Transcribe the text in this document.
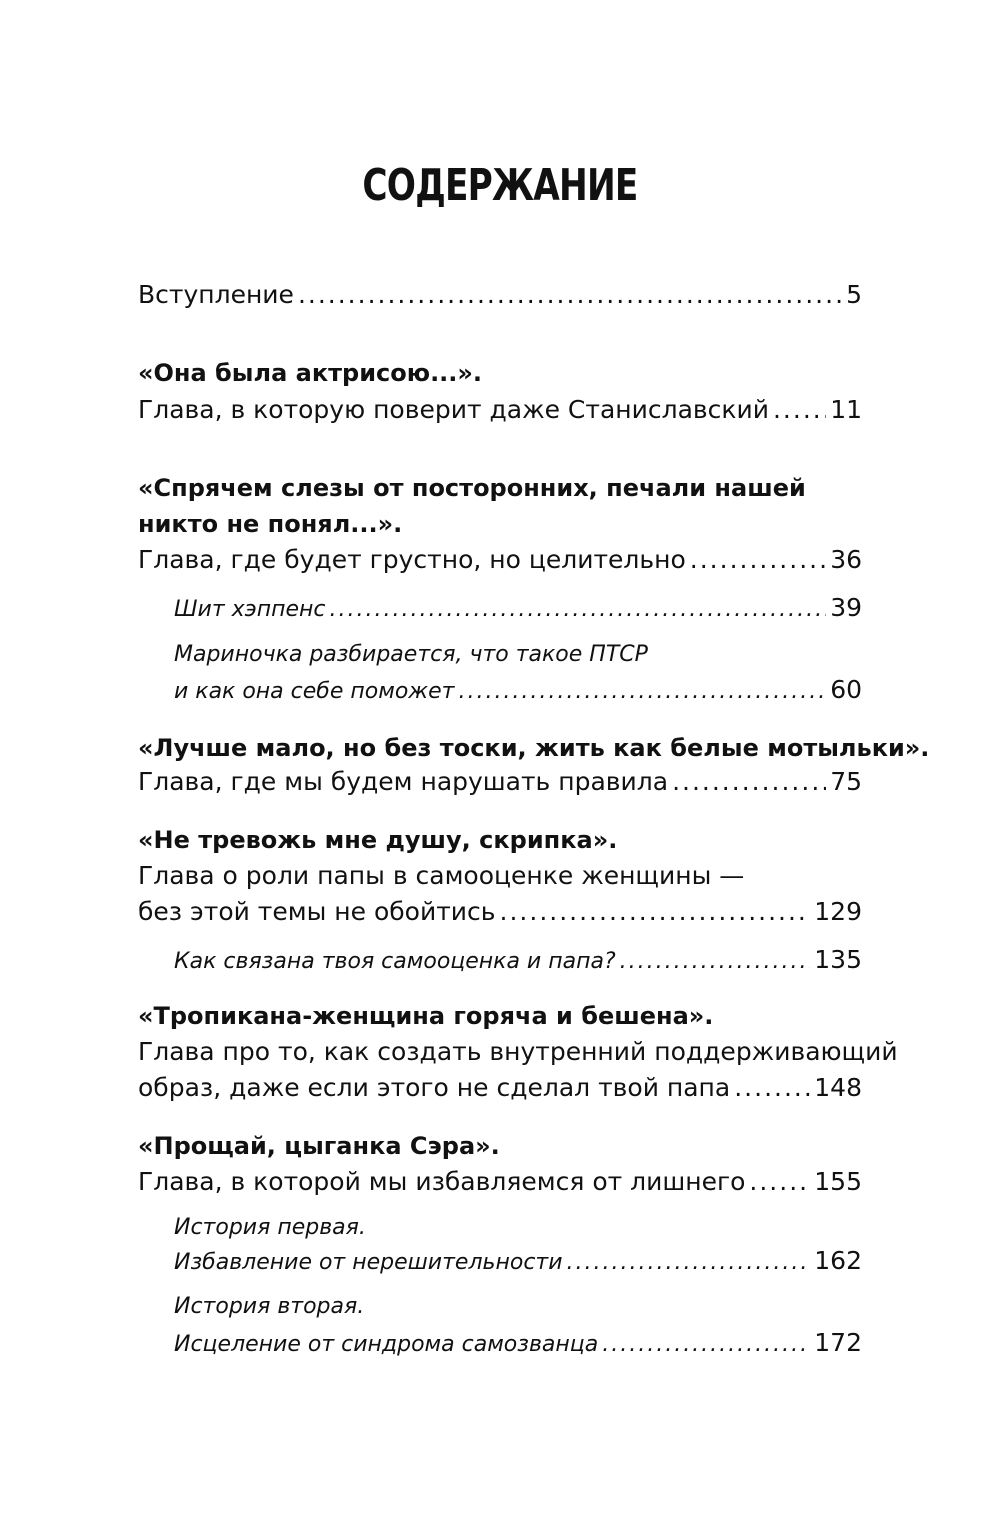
СОДЕРЖАНИЕ
Вступление .....	5
«Она была актрисою...».
Глава, в которую поверит даже Станиславский ..... 11
«Спрячем слезы от посторонних, печали нашей
никто не понял...».
Глава, где будет грустно, но целительно .....	36
Шит хэппенс .....	39
Мариночка разбирается, что такое ПТСР
и как она себе поможет .....	60
«Лучше мало, но без тоски, жить как белые мотыльки».
Глава, где мы будем нарушать правила .....	75
«Не тревожь мне душу, скрипка».
Глава о роли папы в самооценке женщины —
без этой темы не обойтись .....	129
Как связана твоя самооценка и папа? .....	135
«Тропикана-женщина горяча и бешена».
Глава про то, как создать внутренний поддерживающий
образ, даже если этого не сделал твой папа .....	148
«Прощай, цыганка Сэра».
Глава, в которой мы избавляемся от лишнего .....	155
История первая.
Избавление от нерешительности .....	162
История вторая.
Исцеление от синдрома самозванца .....	172
